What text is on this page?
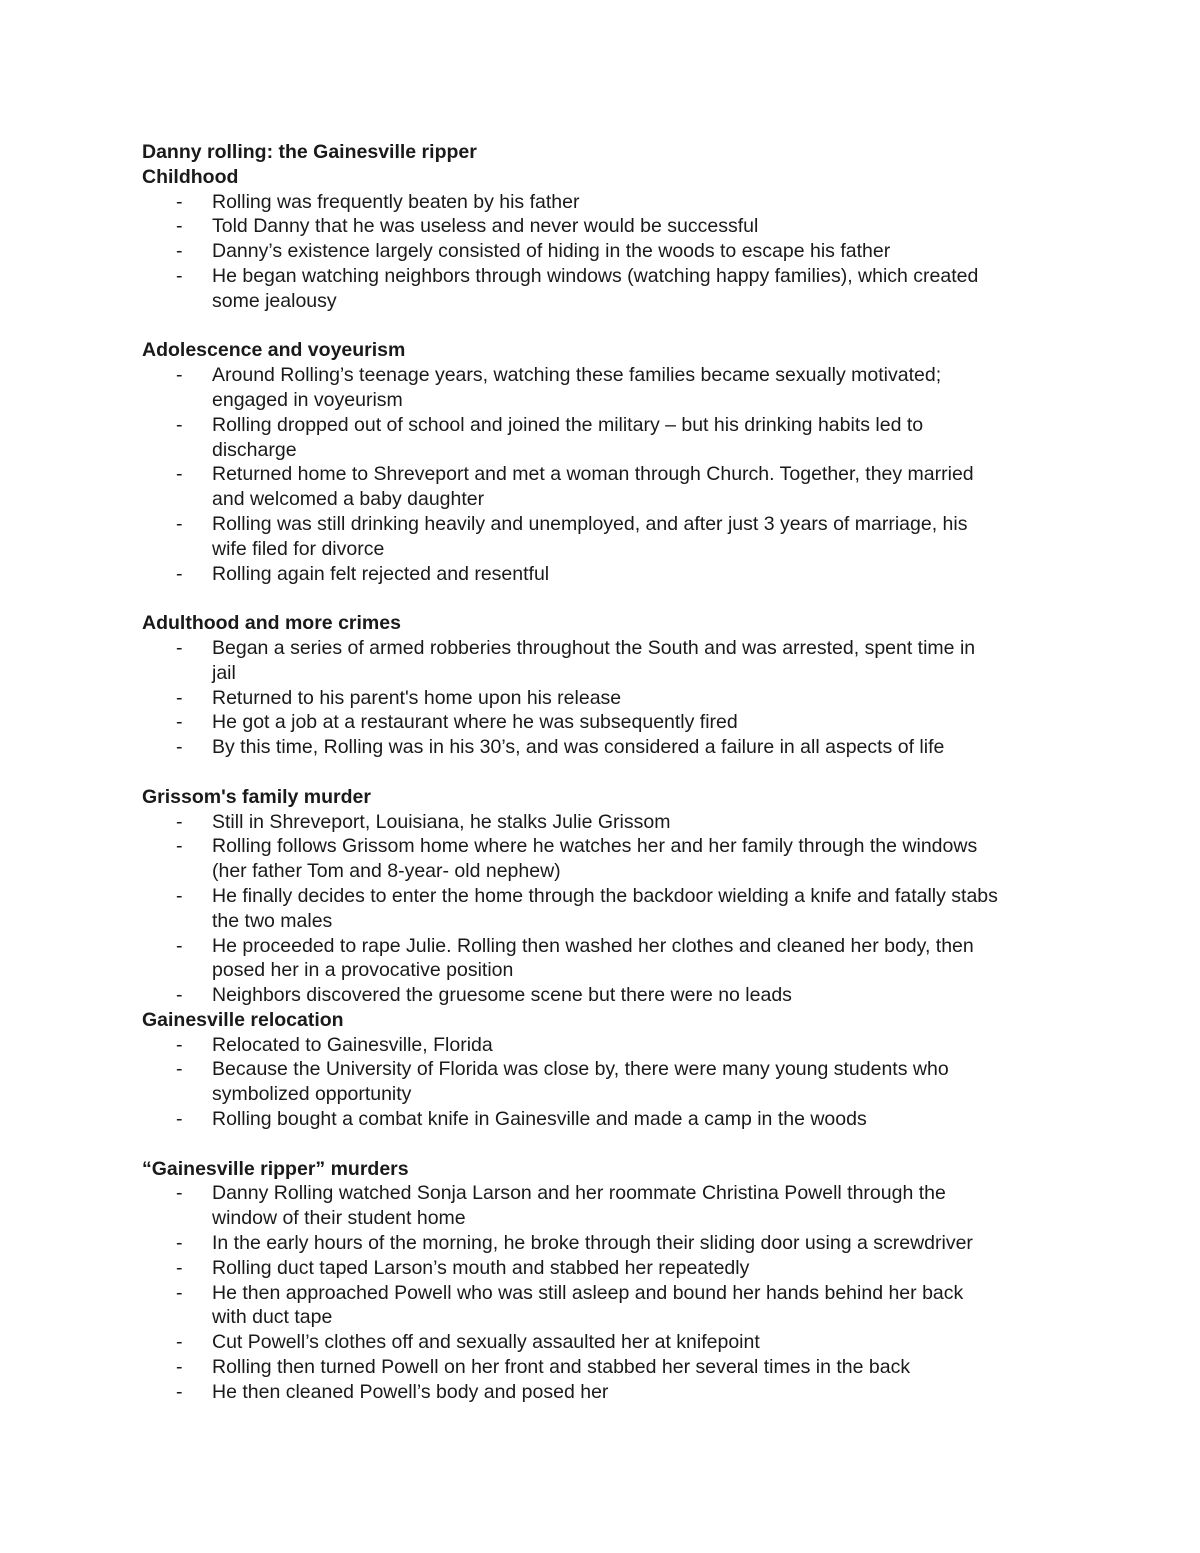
Danny rolling: the Gainesville ripper
Childhood
- Rolling was frequently beaten by his father
- Told Danny that he was useless and never would be successful
- Danny’s existence largely consisted of hiding in the woods to escape his father
- He began watching neighbors through windows (watching happy families), which created some jealousy
Adolescence and voyeurism
- Around Rolling’s teenage years, watching these families became sexually motivated; engaged in voyeurism
- Rolling dropped out of school and joined the military – but his drinking habits led to discharge
- Returned home to Shreveport and met a woman through Church. Together, they married and welcomed a baby daughter
- Rolling was still drinking heavily and unemployed, and after just 3 years of marriage, his wife filed for divorce
- Rolling again felt rejected and resentful
Adulthood and more crimes
- Began a series of armed robberies throughout the South and was arrested, spent time in jail
- Returned to his parent's home upon his release
- He got a job at a restaurant where he was subsequently fired
- By this time, Rolling was in his 30’s, and was considered a failure in all aspects of life
Grissom's family murder
- Still in Shreveport, Louisiana, he stalks Julie Grissom
- Rolling follows Grissom home where he watches her and her family through the windows (her father Tom and 8-year- old nephew)
- He finally decides to enter the home through the backdoor wielding a knife and fatally stabs the two males
- He proceeded to rape Julie. Rolling then washed her clothes and cleaned her body, then posed her in a provocative position
- Neighbors discovered the gruesome scene but there were no leads
Gainesville relocation
- Relocated to Gainesville, Florida
- Because the University of Florida was close by, there were many young students who symbolized opportunity
- Rolling bought a combat knife in Gainesville and made a camp in the woods
“Gainesville ripper” murders
- Danny Rolling watched Sonja Larson and her roommate Christina Powell through the window of their student home
- In the early hours of the morning, he broke through their sliding door using a screwdriver
- Rolling duct taped Larson’s mouth and stabbed her repeatedly
- He then approached Powell who was still asleep and bound her hands behind her back with duct tape
- Cut Powell’s clothes off and sexually assaulted her at knifepoint
- Rolling then turned Powell on her front and stabbed her several times in the back
- He then cleaned Powell’s body and posed her
